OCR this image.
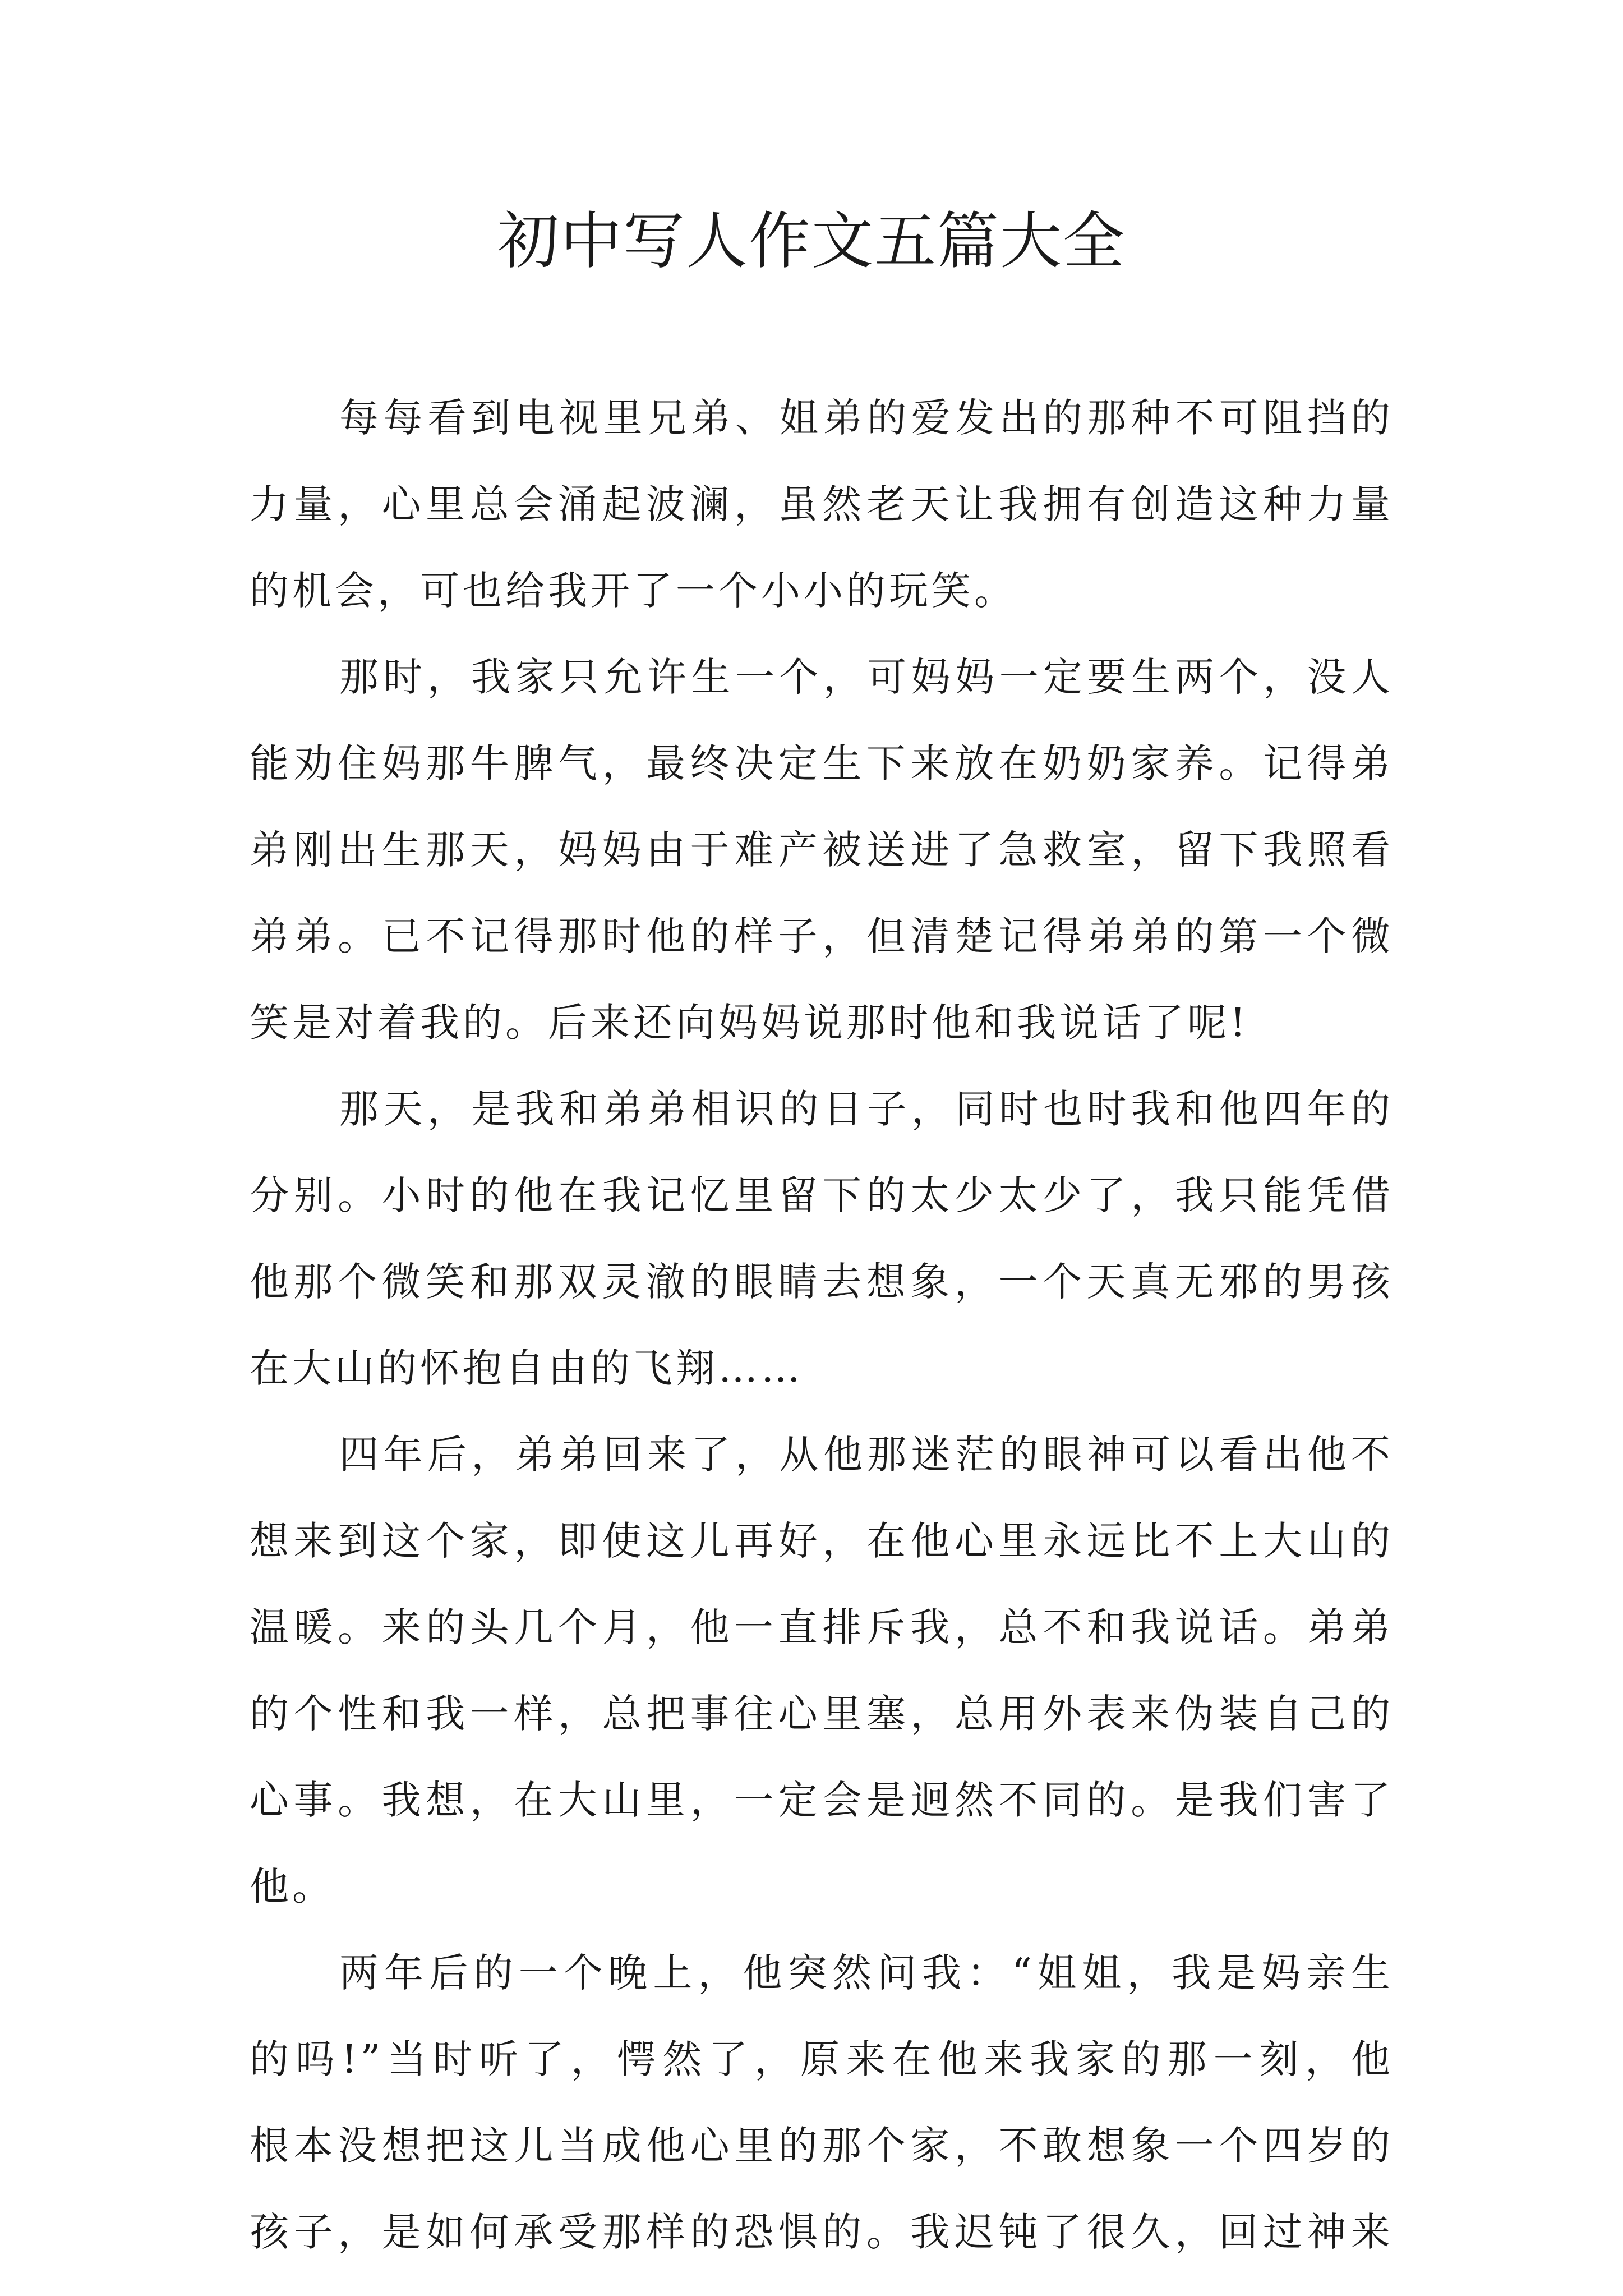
初中写人作文五篇大全
每每看到电视里兄弟、姐弟的爱发出的那种不可阻挡的
力量，心里总会涌起波澜，虽然老天让我拥有创造这种力量
的机会，可也给我开了一个小小的玩笑。
那时，我家只允许生一个，可妈妈一定要生两个，没人
能劝住妈那牛脾气，最终决定生下来放在奶奶家养。记得弟
弟刚出生那天，妈妈由于难产被送进了急救室，留下我照看
弟弟。已不记得那时他的样子，但清楚记得弟弟的第一个微
笑是对着我的。后来还向妈妈说那时他和我说话了呢!
那天，是我和弟弟相识的日子，同时也时我和他四年的
分别。小时的他在我记忆里留下的太少太少了，我只能凭借
他那个微笑和那双灵澈的眼睛去想象，一个天真无邪的男孩
在大山的怀抱自由的飞翔……
四年后，弟弟回来了，从他那迷茫的眼神可以看出他不
想来到这个家，即使这儿再好，在他心里永远比不上大山的
温暖。来的头几个月，他一直排斥我，总不和我说话。弟弟
的个性和我一样，总把事往心里塞，总用外表来伪装自己的
心事。我想，在大山里，一定会是迥然不同的。是我们害了
他。
两年后的一个晚上，他突然问我：“姐姐，我是妈亲生
的吗!”当时听了，愕然了，原来在他来我家的那一刻，他
根本没想把这儿当成他心里的那个家，不敢想象一个四岁的
孩子，是如何承受那样的恐惧的。我迟钝了很久，回过神来
